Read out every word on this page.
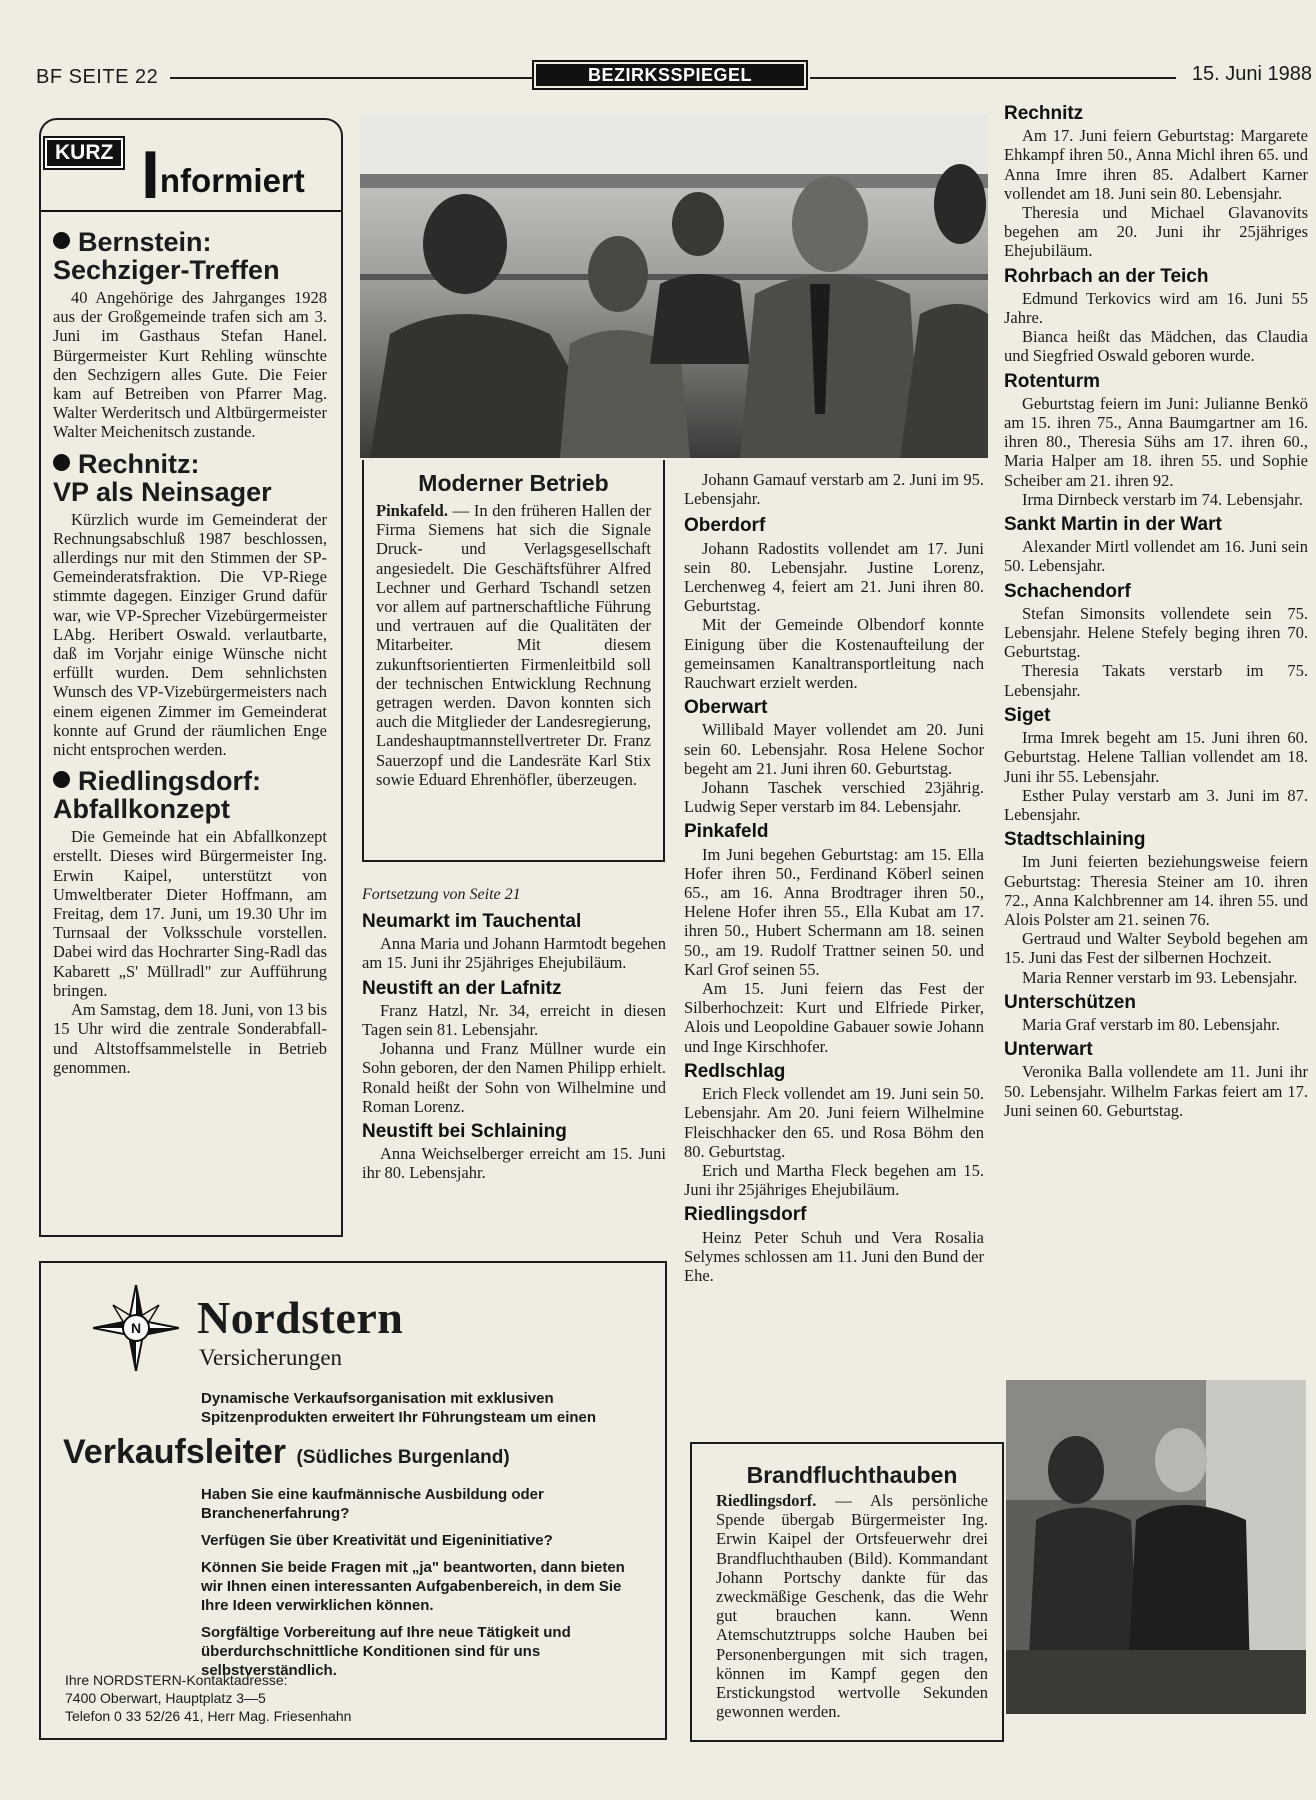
BF SEITE 22	BEZIRKSSPIEGEL	15. Juni 1988
KURZ Informiert
Bernstein:
Sechziger-Treffen

40 Angehörige des Jahrganges 1928 aus der Großgemeinde trafen sich am 3. Juni im Gasthaus Stefan Hanel. Bürgermeister Kurt Rehling wünschte den Sechzigern alles Gute. Die Feier kam auf Betreiben von Pfarrer Mag. Walter Werderitsch und Altbürgermeister Walter Meichenitsch zustande.

Rechnitz:
VP als Neinsager

Kürzlich wurde im Gemeinderat der Rechnungsabschluß 1987 beschlossen, allerdings nur mit den Stimmen der SP-Gemeinderatsfraktion. Die VP-Riege stimmte dagegen. Einziger Grund dafür war, wie VP-Sprecher Vizebürgermeister LAbg. Heribert Oswald. verlautbarte, daß im Vorjahr einige Wünsche nicht erfüllt wurden. Dem sehnlichsten Wunsch des VP-Vizebürgermeisters nach einem eigenen Zimmer im Gemeinderat konnte auf Grund der räumlichen Enge nicht entsprochen werden.

Riedlingsdorf:
Abfallkonzept

Die Gemeinde hat ein Abfallkonzept erstellt. Dieses wird Bürgermeister Ing. Erwin Kaipel, unterstützt von Umweltberater Dieter Hoffmann, am Freitag, dem 17. Juni, um 19.30 Uhr im Turnsaal der Volksschule vorstellen. Dabei wird das Hochrarter Sing-Radl das Kabarett „S' Müllradl" zur Aufführung bringen.

Am Samstag, dem 18. Juni, von 13 bis 15 Uhr wird die zentrale Sonderabfall- und Altstoffsammelstelle in Betrieb genommen.

Moderner Betrieb

Pinkafeld. — In den früheren Hallen der Firma Siemens hat sich die Signale Druck- und Verlagsgesellschaft angesiedelt. Die Geschäftsführer Alfred Lechner und Gerhard Tschandl setzen vor allem auf partnerschaftliche Führung und vertrauen auf die Qualitäten der Mitarbeiter. Mit diesem zukunftsorientierten Firmenleitbild soll der technischen Entwicklung Rechnung getragen werden. Davon konnten sich auch die Mitglieder der Landesregierung, Landeshauptmannstellvertreter Dr. Franz Sauerzopf und die Landesräte Karl Stix sowie Eduard Ehrenhöfler, überzeugen.

Fortsetzung von Seite 21
Neumarkt im Tauchental

Anna Maria und Johann Harmtodt begehen am 15. Juni ihr 25jähriges Ehejubiläum.

Neustift an der Lafnitz

Franz Hatzl, Nr. 34, erreicht in diesen Tagen sein 81. Lebensjahr.

Johanna und Franz Müllner wurde ein Sohn geboren, der den Namen Philipp erhielt. Ronald heißt der Sohn von Wilhelmine und Roman Lorenz.

Neustift bei Schlaining

Anna Weichselberger erreicht am 15. Juni ihr 80. Lebensjahr.

Johann Gamauf verstarb am 2. Juni im 95. Lebensjahr.

Oberdorf

Johann Radostits vollendet am 17. Juni sein 80. Lebensjahr. Justine Lorenz, Lerchenweg 4, feiert am 21. Juni ihren 80. Geburtstag.

Mit der Gemeinde Olbendorf konnte Einigung über die Kostenaufteilung der gemeinsamen Kanaltransportleitung nach Rauchwart erzielt werden.

Oberwart

Willibald Mayer vollendet am 20. Juni sein 60. Lebensjahr. Rosa Helene Sochor begeht am 21. Juni ihren 60. Geburtstag.

Johann Taschek verschied 23jährig. Ludwig Seper verstarb im 84. Lebensjahr.

Pinkafeld

Im Juni begehen Geburtstag: am 15. Ella Hofer ihren 50., Ferdinand Köberl seinen 65., am 16. Anna Brodtrager ihren 50., Helene Hofer ihren 55., Ella Kubat am 17. ihren 50., Hubert Schermann am 18. seinen 50., am 19. Rudolf Trattner seinen 50. und Karl Grof seinen 55.

Am 15. Juni feiern das Fest der Silberhochzeit: Kurt und Elfriede Pirker, Alois und Leopoldine Gabauer sowie Johann und Inge Kirschhofer.

Redlschlag

Erich Fleck vollendet am 19. Juni sein 50. Lebensjahr. Am 20. Juni feiern Wilhelmine Fleischhacker den 65. und Rosa Böhm den 80. Geburtstag.

Erich und Martha Fleck begehen am 15. Juni ihr 25jähriges Ehejubiläum.

Riedlingsdorf

Heinz Peter Schuh und Vera Rosalia Selymes schlossen am 11. Juni den Bund der Ehe.

Rechnitz

Am 17. Juni feiern Geburtstag: Margarete Ehkampf ihren 50., Anna Michl ihren 65. und Anna Imre ihren 85. Adalbert Karner vollendet am 18. Juni sein 80. Lebensjahr.

Theresia und Michael Glavanovits begehen am 20. Juni ihr 25jähriges Ehejubiläum.

Rohrbach an der Teich

Edmund Terkovics wird am 16. Juni 55 Jahre.

Bianca heißt das Mädchen, das Claudia und Siegfried Oswald geboren wurde.

Rotenturm

Geburtstag feiern im Juni: Julianne Benkö am 15. ihren 75., Anna Baumgartner am 16. ihren 80., Theresia Sühs am 17. ihren 60., Maria Halper am 18. ihren 55. und Sophie Scheiber am 21. ihren 92.

Irma Dirnbeck verstarb im 74. Lebensjahr.

Sankt Martin in der Wart

Alexander Mirtl vollendet am 16. Juni sein 50. Lebensjahr.

Schachendorf

Stefan Simonsits vollendete sein 75. Lebensjahr. Helene Stefely beging ihren 70. Geburtstag.

Theresia Takats verstarb im 75. Lebensjahr.

Siget

Irma Imrek begeht am 15. Juni ihren 60. Geburtstag. Helene Tallian vollendet am 18. Juni ihr 55. Lebensjahr.

Esther Pulay verstarb am 3. Juni im 87. Lebensjahr.

Stadtschlaining

Im Juni feierten beziehungsweise feiern Geburtstag: Theresia Steiner am 10. ihren 72., Anna Kalchbrenner am 14. ihren 55. und Alois Polster am 21. seinen 76.

Gertraud und Walter Seybold begehen am 15. Juni das Fest der silbernen Hochzeit.

Maria Renner verstarb im 93. Lebensjahr.

Unterschützen

Maria Graf verstarb im 80. Lebensjahr.

Unterwart

Veronika Balla vollendete am 11. Juni ihr 50. Lebensjahr. Wilhelm Farkas feiert am 17. Juni seinen 60. Geburtstag.

Brandfluchthauben

Riedlingsdorf. — Als persönliche Spende übergab Bürgermeister Ing. Erwin Kaipel der Ortsfeuerwehr drei Brandfluchthauben (Bild). Kommandant Johann Portschy dankte für das zweckmäßige Geschenk, das die Wehr gut brauchen kann. Wenn Atemschutztrupps solche Hauben bei Personenbergungen mit sich tragen, können im Kampf gegen den Erstickungstod wertvolle Sekunden gewonnen werden.

N Nordstern
Versicherungen
Dynamische Verkaufsorganisation mit exklusiven Spitzenprodukten erweitert Ihr Führungsteam um einen
Verkaufsleiter (Südliches Burgenland)

Haben Sie eine kaufmännische Ausbildung oder Branchenerfahrung?

Verfügen Sie über Kreativität und Eigeninitiative?

Können Sie beide Fragen mit „ja" beantworten, dann bieten wir Ihnen einen interessanten Aufgabenbereich, in dem Sie Ihre Ideen verwirklichen können.

Sorgfältige Vorbereitung auf Ihre neue Tätigkeit und überdurchschnittliche Konditionen sind für uns selbstverständlich.

Ihre NORDSTERN-Kontaktadresse:
7400 Oberwart, Hauptplatz 3—5
Telefon 0 33 52/26 41, Herr Mag. Friesenhahn
